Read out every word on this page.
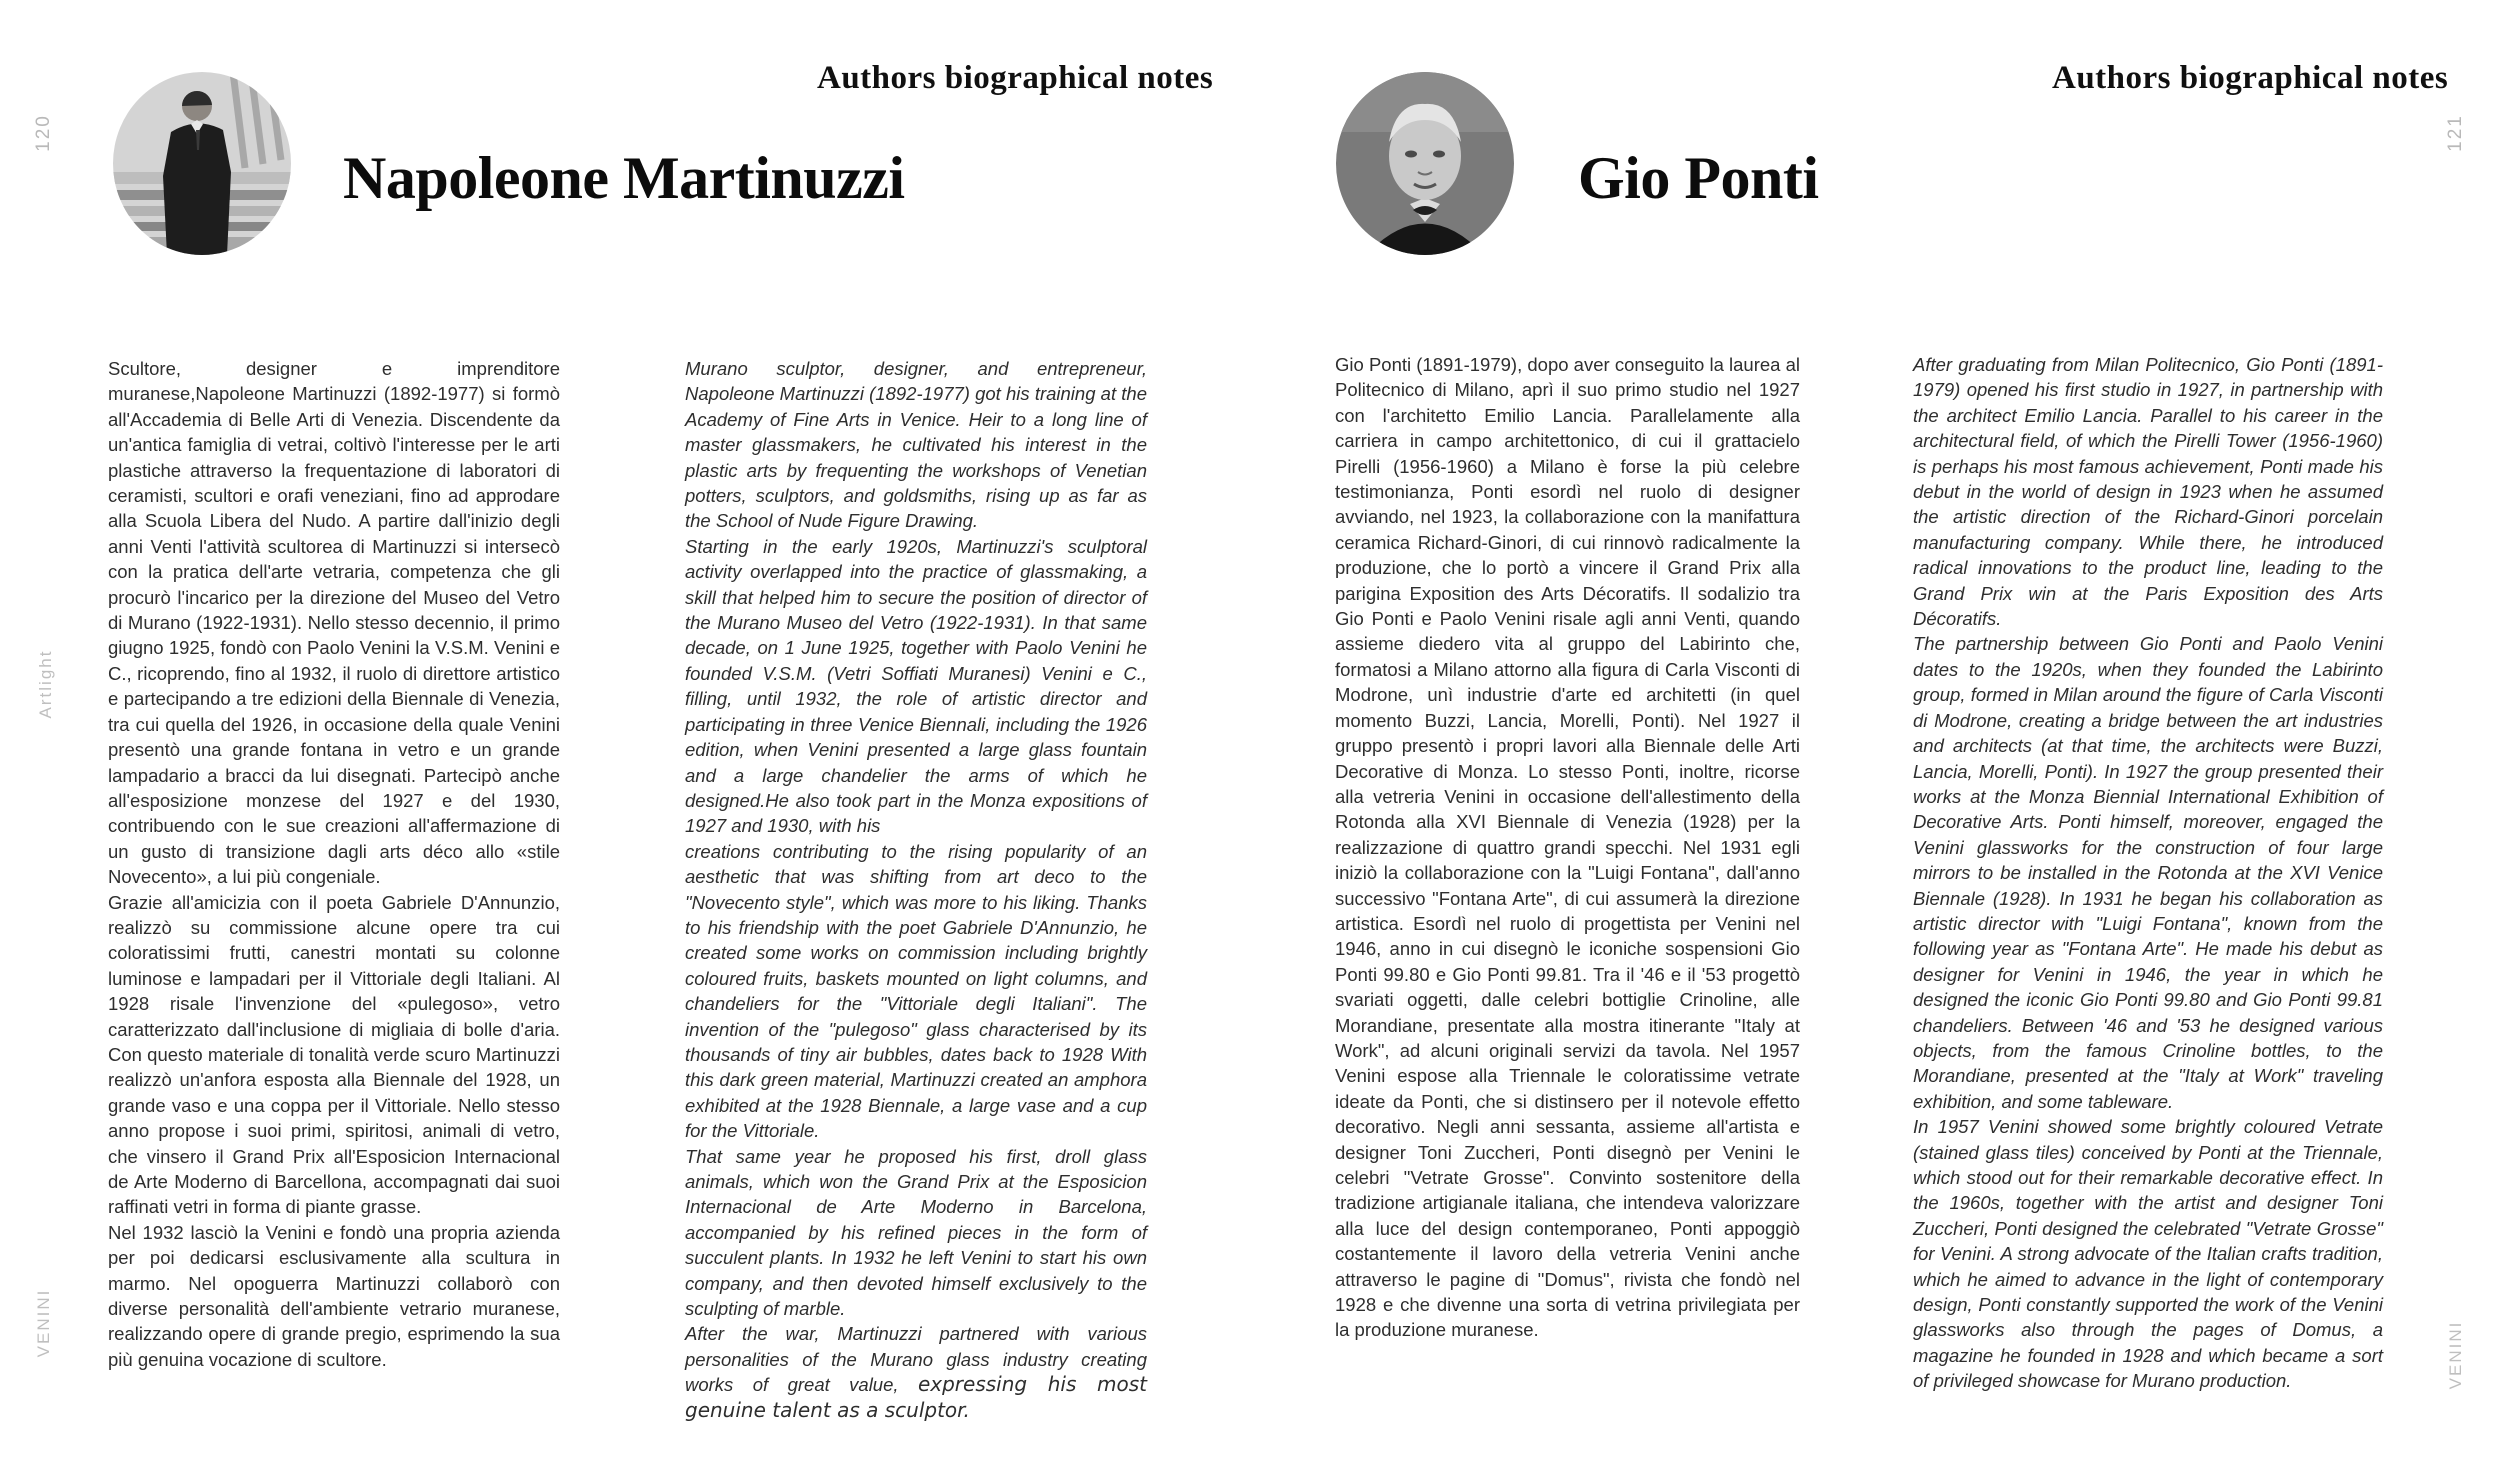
120
Artlight
VENINI
Authors biographical notes
Napoleone Martinuzzi

Scultore, designer e imprenditore muranese,Napoleone Martinuzzi (1892-1977) si formò all'Accademia di Belle Arti di Venezia. Discendente da un'antica famiglia di vetrai, coltivò l'interesse per le arti plastiche attraverso la frequentazione di laboratori di ceramisti, scultori e orafi veneziani, fino ad approdare alla Scuola Libera del Nudo. A partire dall'inizio degli anni Venti l'attività scultorea di Martinuzzi si intersecò con la pratica dell'arte vetraria, competenza che gli procurò l'incarico per la direzione del Museo del Vetro di Murano (1922-1931). Nello stesso decennio, il primo giugno 1925, fondò con Paolo Venini la V.S.M. Venini e C., ricoprendo, fino al 1932, il ruolo di direttore artistico e partecipando a tre edizioni della Biennale di Venezia, tra cui quella del 1926, in occasione della quale Venini presentò una grande fontana in vetro e un grande lampadario a bracci da lui disegnati. Partecipò anche all'esposizione monzese del 1927 e del 1930, contribuendo con le sue creazioni all'affermazione di un gusto di transizione dagli arts déco allo «stile Novecento», a lui più congeniale.

Grazie all'amicizia con il poeta Gabriele D'Annunzio, realizzò su commissione alcune opere tra cui coloratissimi frutti, canestri montati su colonne luminose e lampadari per il Vittoriale degli Italiani. Al 1928 risale l'invenzione del «pulegoso», vetro caratterizzato dall'inclusione di migliaia di bolle d'aria. Con questo materiale di tonalità verde scuro Martinuzzi realizzò un'anfora esposta alla Biennale del 1928, un grande vaso e una coppa per il Vittoriale. Nello stesso anno propose i suoi primi, spiritosi, animali di vetro, che vinsero il Grand Prix all'Esposicion Internacional de Arte Moderno di Barcellona, accompagnati dai suoi raffinati vetri in forma di piante grasse.

Nel 1932 lasciò la Venini e fondò una propria azienda per poi dedicarsi esclusivamente alla scultura in marmo. Nel opoguerra Martinuzzi collaborò con diverse personalità dell'ambiente vetrario muranese, realizzando opere di grande pregio, esprimendo la sua più genuina vocazione di scultore.

Murano sculptor, designer, and entrepreneur, Napoleone Martinuzzi (1892-1977) got his training at the Academy of Fine Arts in Venice. Heir to a long line of master glassmakers, he cultivated his interest in the plastic arts by frequenting the workshops of Venetian potters, sculptors, and goldsmiths, rising up as far as the School of Nude Figure Drawing.

Starting in the early 1920s, Martinuzzi's sculptoral activity overlapped into the practice of glassmaking, a skill that helped him to secure the position of director of the Murano Museo del Vetro (1922-1931). In that same decade, on 1 June 1925, together with Paolo Venini he founded V.S.M. (Vetri Soffiati Muranesi) Venini e C., filling, until 1932, the role of artistic director and participating in three Venice Biennali, including the 1926 edition, when Venini presented a large glass fountain and a large chandelier the arms of which he designed.He also took part in the Monza expositions of 1927 and 1930, with his

creations contributing to the rising popularity of an aesthetic that was shifting from art deco to the "Novecento style", which was more to his liking. Thanks to his friendship with the poet Gabriele D'Annunzio, he created some works on commission including brightly coloured fruits, baskets mounted on light columns, and chandeliers for the "Vittoriale degli Italiani". The invention of the "pulegoso" glass characterised by its thousands of tiny air bubbles, dates back to 1928 With this dark green material, Martinuzzi created an amphora exhibited at the 1928 Biennale, a large vase and a cup for the Vittoriale.

That same year he proposed his first, droll glass animals, which won the Grand Prix at the Esposicion Internacional de Arte Moderno in Barcelona, accompanied by his refined pieces in the form of succulent plants. In 1932 he left Venini to start his own company, and then devoted himself exclusively to the sculpting of marble.

After the war, Martinuzzi partnered with various personalities of the Murano glass industry creating works of great value, expressing his most genuine talent as a sculptor.

121
VENINI
Authors biographical notes
Gio Ponti

Gio Ponti (1891-1979), dopo aver conseguito la laurea al Politecnico di Milano, aprì il suo primo studio nel 1927 con l'architetto Emilio Lancia. Parallelamente alla carriera in campo architettonico, di cui il grattacielo Pirelli (1956-1960) a Milano è forse la più celebre testimonianza, Ponti esordì nel ruolo di designer avviando, nel 1923, la collaborazione con la manifattura ceramica Richard-Ginori, di cui rinnovò radicalmente la produzione, che lo portò a vincere il Grand Prix alla parigina Exposition des Arts Décoratifs. Il sodalizio tra Gio Ponti e Paolo Venini risale agli anni Venti, quando assieme diedero vita al gruppo del Labirinto che, formatosi a Milano attorno alla figura di Carla Visconti di Modrone, unì industrie d'arte ed architetti (in quel momento Buzzi, Lancia, Morelli, Ponti). Nel 1927 il gruppo presentò i propri lavori alla Biennale delle Arti Decorative di Monza. Lo stesso Ponti, inoltre, ricorse alla vetreria Venini in occasione dell'allestimento della Rotonda alla XVI Biennale di Venezia (1928) per la realizzazione di quattro grandi specchi. Nel 1931 egli iniziò la collaborazione con la "Luigi Fontana", dall'anno successivo "Fontana Arte", di cui assumerà la direzione artistica. Esordì nel ruolo di progettista per Venini nel 1946, anno in cui disegnò le iconiche sospensioni Gio Ponti 99.80 e Gio Ponti 99.81. Tra il '46 e il '53 progettò svariati oggetti, dalle celebri bottiglie Crinoline, alle Morandiane, presentate alla mostra itinerante "Italy at Work", ad alcuni originali servizi da tavola. Nel 1957 Venini espose alla Triennale le coloratissime vetrate ideate da Ponti, che si distinsero per il notevole effetto decorativo. Negli anni sessanta, assieme all'artista e designer Toni Zuccheri, Ponti disegnò per Venini le celebri "Vetrate Grosse". Convinto sostenitore della tradizione artigianale italiana, che intendeva valorizzare alla luce del design contemporaneo, Ponti appoggiò costantemente il lavoro della vetreria Venini anche attraverso le pagine di "Domus", rivista che fondò nel 1928 e che divenne una sorta di vetrina privilegiata per la produzione muranese.

After graduating from Milan Politecnico, Gio Ponti (1891-1979) opened his first studio in 1927, in partnership with the architect Emilio Lancia. Parallel to his career in the architectural field, of which the Pirelli Tower (1956-1960) is perhaps his most famous achievement, Ponti made his debut in the world of design in 1923 when he assumed the artistic direction of the Richard-Ginori porcelain manufacturing company. While there, he introduced radical innovations to the product line, leading to the Grand Prix win at the Paris Exposition des Arts Décoratifs.

The partnership between Gio Ponti and Paolo Venini dates to the 1920s, when they founded the Labirinto group, formed in Milan around the figure of Carla Visconti di Modrone, creating a bridge between the art industries and architects (at that time, the architects were Buzzi, Lancia, Morelli, Ponti). In 1927 the group presented their works at the Monza Biennial International Exhibition of Decorative Arts. Ponti himself, moreover, engaged the Venini glassworks for the construction of four large mirrors to be installed in the Rotonda at the XVI Venice Biennale (1928). In 1931 he began his collaboration as artistic director with "Luigi Fontana", known from the following year as "Fontana Arte". He made his debut as designer for Venini in 1946, the year in which he designed the iconic Gio Ponti 99.80 and Gio Ponti 99.81 chandeliers. Between '46 and '53 he designed various objects, from the famous Crinoline bottles, to the Morandiane, presented at the "Italy at Work" traveling exhibition, and some tableware.

In 1957 Venini showed some brightly coloured Vetrate (stained glass tiles) conceived by Ponti at the Triennale, which stood out for their remarkable decorative effect. In the 1960s, together with the artist and designer Toni Zuccheri, Ponti designed the celebrated "Vetrate Grosse" for Venini. A strong advocate of the Italian crafts tradition, which he aimed to advance in the light of contemporary design, Ponti constantly supported the work of the Venini glassworks also through the pages of Domus, a magazine he founded in 1928 and which became a sort of privileged showcase for Murano production.
